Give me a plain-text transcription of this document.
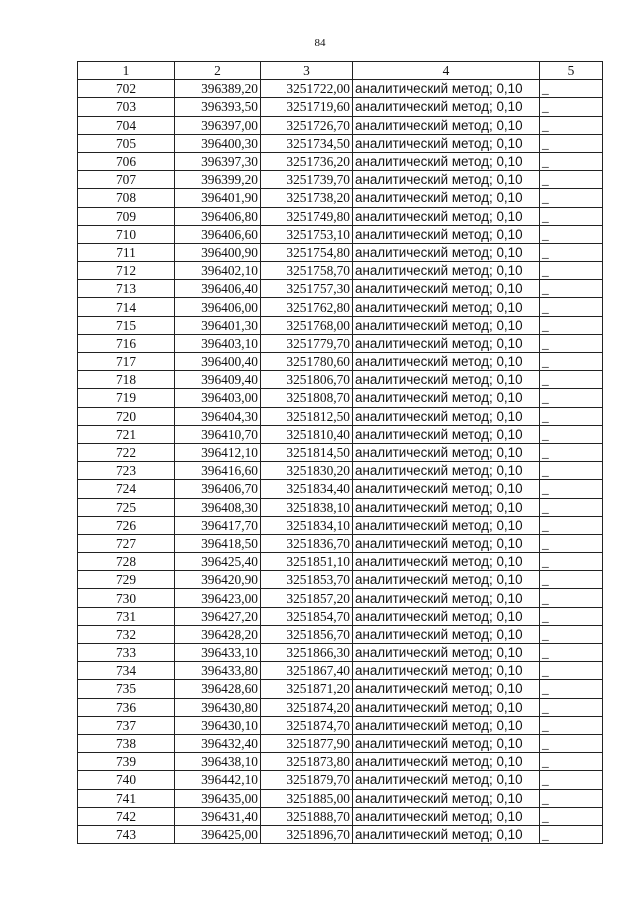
84
1	2	3	4	5
702	396389,20	3251722,00	аналитический метод; 0,10	_
703	396393,50	3251719,60	аналитический метод; 0,10	_
704	396397,00	3251726,70	аналитический метод; 0,10	_
705	396400,30	3251734,50	аналитический метод; 0,10	_
706	396397,30	3251736,20	аналитический метод; 0,10	_
707	396399,20	3251739,70	аналитический метод; 0,10	_
708	396401,90	3251738,20	аналитический метод; 0,10	_
709	396406,80	3251749,80	аналитический метод; 0,10	_
710	396406,60	3251753,10	аналитический метод; 0,10	_
711	396400,90	3251754,80	аналитический метод; 0,10	_
712	396402,10	3251758,70	аналитический метод; 0,10	_
713	396406,40	3251757,30	аналитический метод; 0,10	_
714	396406,00	3251762,80	аналитический метод; 0,10	_
715	396401,30	3251768,00	аналитический метод; 0,10	_
716	396403,10	3251779,70	аналитический метод; 0,10	_
717	396400,40	3251780,60	аналитический метод; 0,10	_
718	396409,40	3251806,70	аналитический метод; 0,10	_
719	396403,00	3251808,70	аналитический метод; 0,10	_
720	396404,30	3251812,50	аналитический метод; 0,10	_
721	396410,70	3251810,40	аналитический метод; 0,10	_
722	396412,10	3251814,50	аналитический метод; 0,10	_
723	396416,60	3251830,20	аналитический метод; 0,10	_
724	396406,70	3251834,40	аналитический метод; 0,10	_
725	396408,30	3251838,10	аналитический метод; 0,10	_
726	396417,70	3251834,10	аналитический метод; 0,10	_
727	396418,50	3251836,70	аналитический метод; 0,10	_
728	396425,40	3251851,10	аналитический метод; 0,10	_
729	396420,90	3251853,70	аналитический метод; 0,10	_
730	396423,00	3251857,20	аналитический метод; 0,10	_
731	396427,20	3251854,70	аналитический метод; 0,10	_
732	396428,20	3251856,70	аналитический метод; 0,10	_
733	396433,10	3251866,30	аналитический метод; 0,10	_
734	396433,80	3251867,40	аналитический метод; 0,10	_
735	396428,60	3251871,20	аналитический метод; 0,10	_
736	396430,80	3251874,20	аналитический метод; 0,10	_
737	396430,10	3251874,70	аналитический метод; 0,10	_
738	396432,40	3251877,90	аналитический метод; 0,10	_
739	396438,10	3251873,80	аналитический метод; 0,10	_
740	396442,10	3251879,70	аналитический метод; 0,10	_
741	396435,00	3251885,00	аналитический метод; 0,10	_
742	396431,40	3251888,70	аналитический метод; 0,10	_
743	396425,00	3251896,70	аналитический метод; 0,10	_
